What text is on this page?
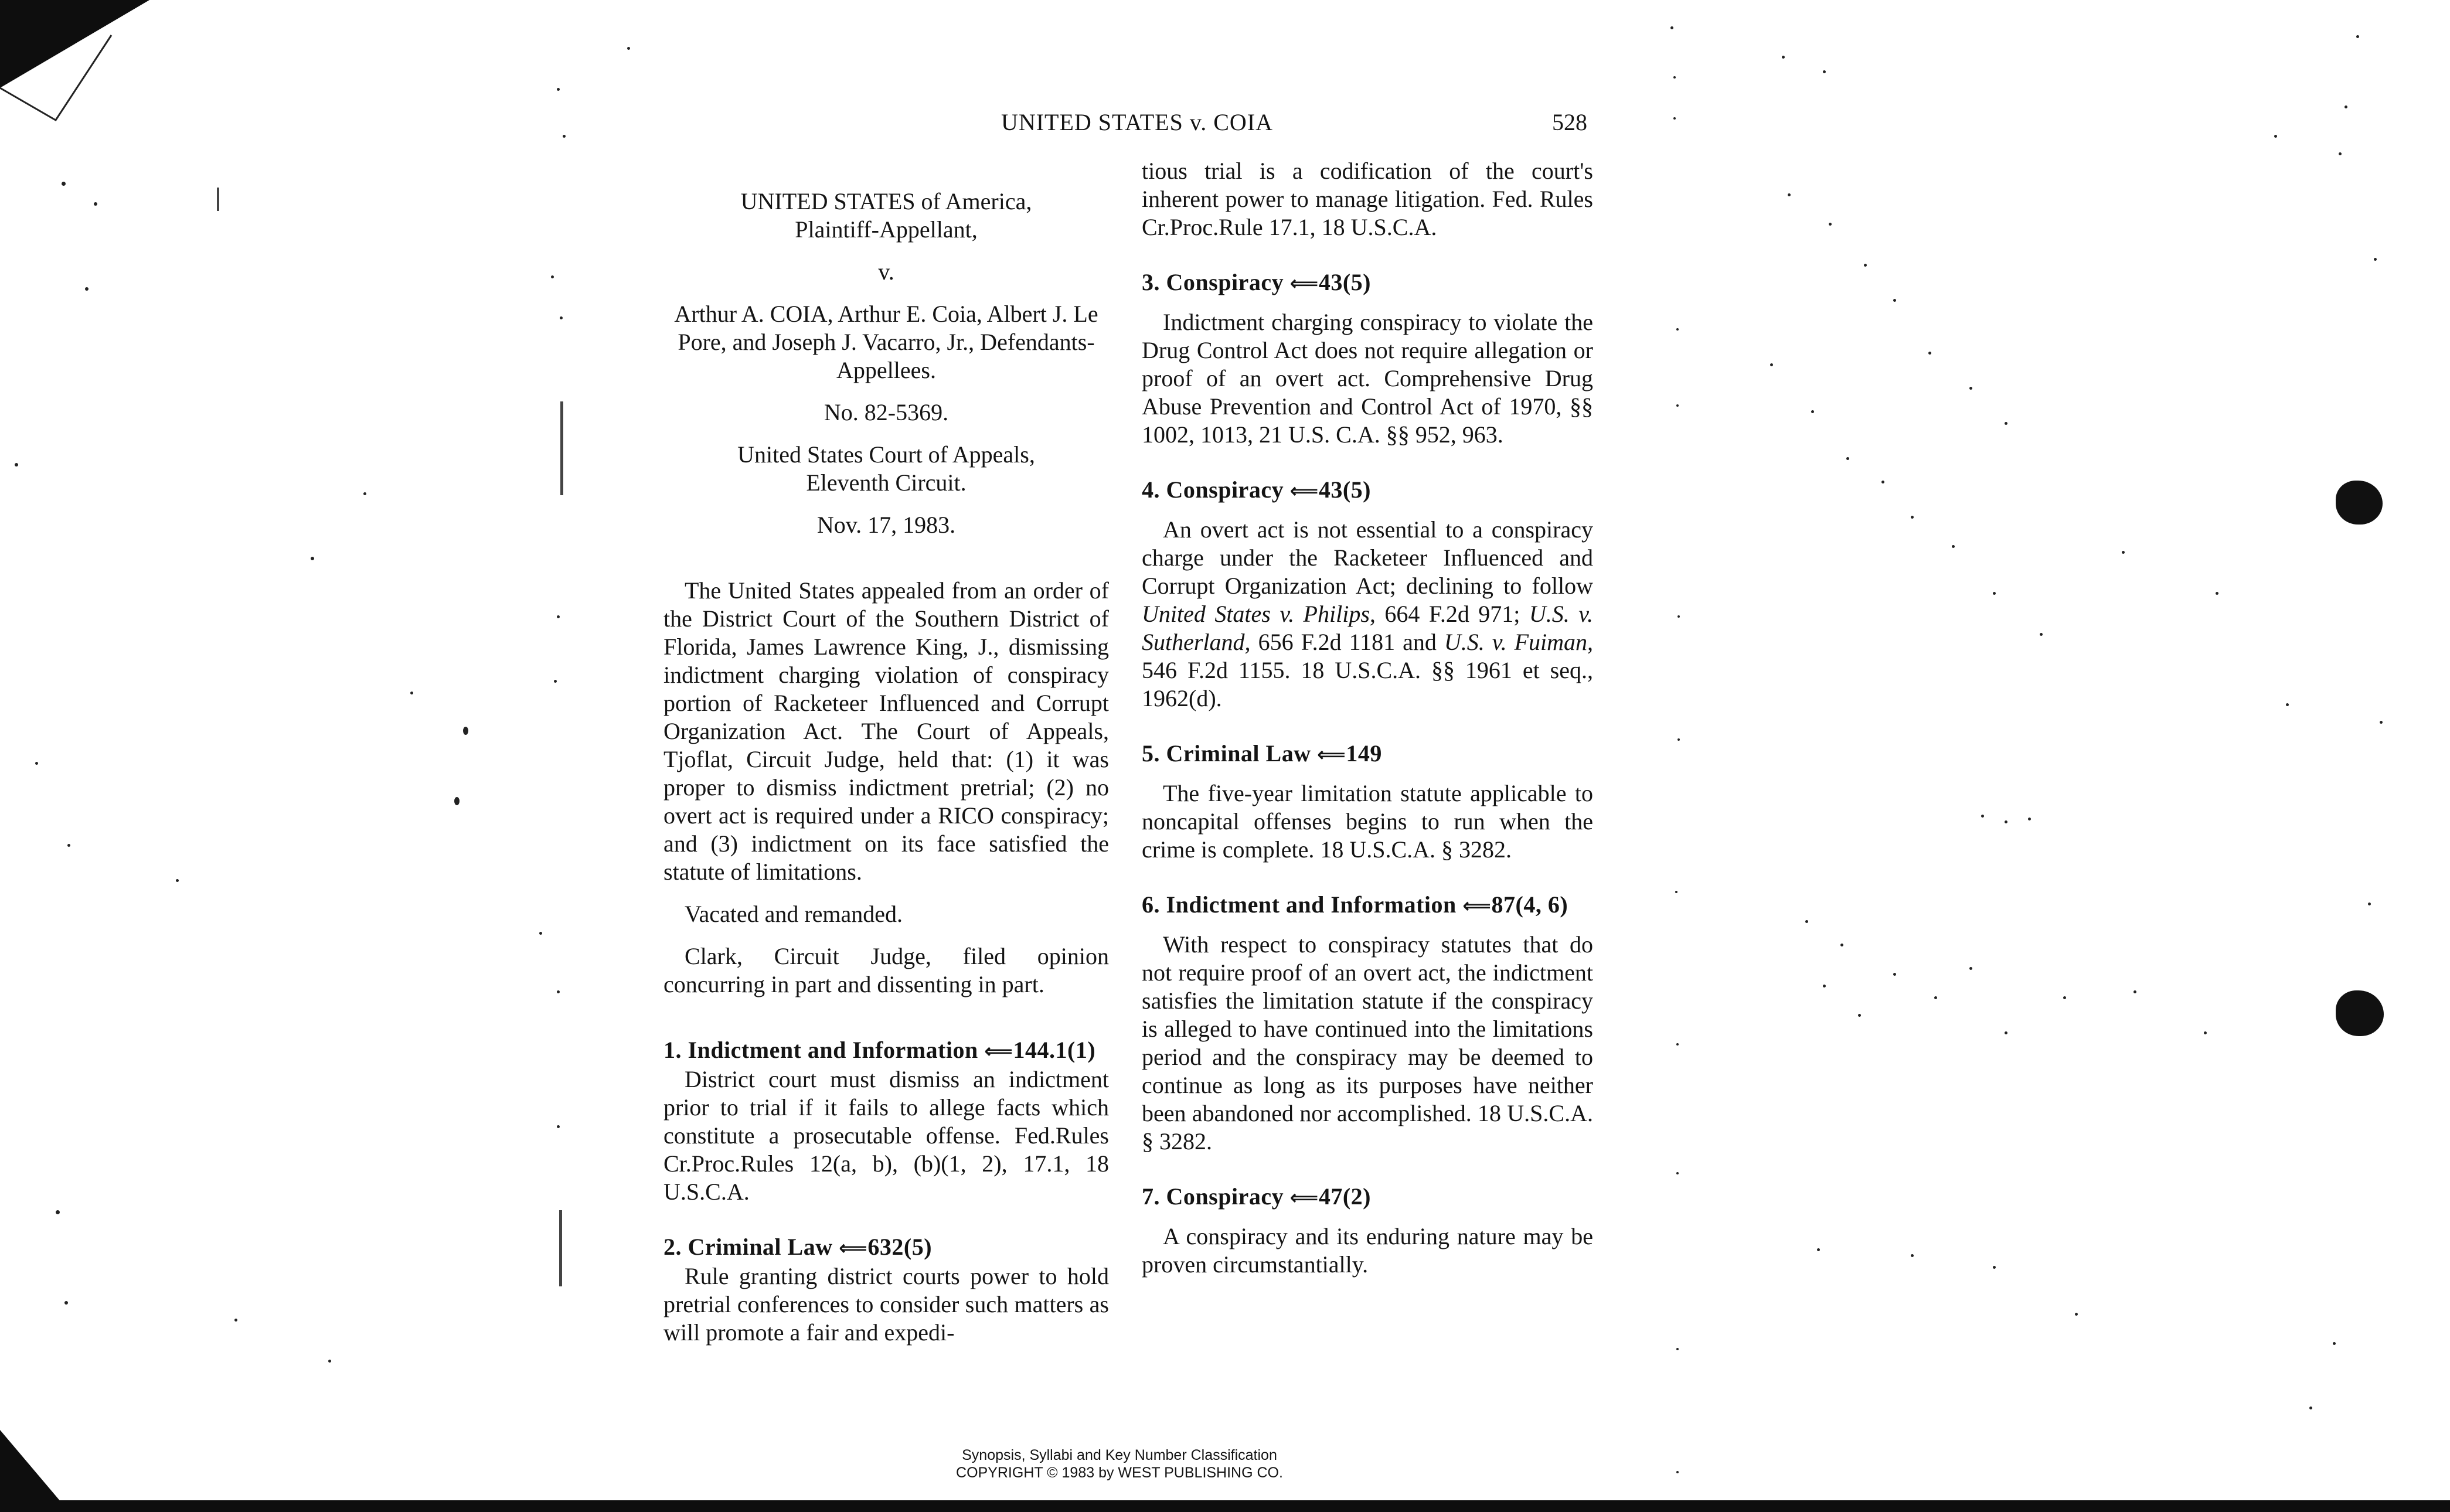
UNITED STATES v. COIA	528

UNITED STATES of America,

Plaintiff-Appellant,

v.

Arthur A. COIA, Arthur E. Coia, Albert J. Le Pore, and Joseph J. Vacarro, Jr., Defendants-Appellees.

No. 82-5369.

United States Court of Appeals, Eleventh Circuit.

Nov. 17, 1983.

The United States appealed from an order of the District Court of the Southern District of Florida, James Lawrence King, J., dismissing indictment charging violation of conspiracy portion of Racketeer Influenced and Corrupt Organization Act. The Court of Appeals, Tjoflat, Circuit Judge, held that: (1) it was proper to dismiss indictment pretrial; (2) no overt act is required under a RICO conspiracy; and (3) indictment on its face satisfied the statute of limitations.

Vacated and remanded.

Clark, Circuit Judge, filed opinion concurring in part and dissenting in part.

1. Indictment and Information ⟸144.1(1)

District court must dismiss an indictment prior to trial if it fails to allege facts which constitute a prosecutable offense. Fed.Rules Cr.Proc.Rules 12(a, b), (b)(1, 2), 17.1, 18 U.S.C.A.

2. Criminal Law ⟸632(5)

Rule granting district courts power to hold pretrial conferences to consider such matters as will promote a fair and expedi-

tious trial is a codification of the court's inherent power to manage litigation. Fed. Rules Cr.Proc.Rule 17.1, 18 U.S.C.A.

3. Conspiracy ⟸43(5)

Indictment charging conspiracy to violate the Drug Control Act does not require allegation or proof of an overt act. Comprehensive Drug Abuse Prevention and Control Act of 1970, §§ 1002, 1013, 21 U.S. C.A. §§ 952, 963.

4. Conspiracy ⟸43(5)

An overt act is not essential to a conspiracy charge under the Racketeer Influenced and Corrupt Organization Act; declining to follow United States v. Philips, 664 F.2d 971; U.S. v. Sutherland, 656 F.2d 1181 and U.S. v. Fuiman, 546 F.2d 1155. 18 U.S.C.A. §§ 1961 et seq., 1962(d).

5. Criminal Law ⟸149

The five-year limitation statute applicable to noncapital offenses begins to run when the crime is complete. 18 U.S.C.A. § 3282.

6. Indictment and Information ⟸87(4, 6)

With respect to conspiracy statutes that do not require proof of an overt act, the indictment satisfies the limitation statute if the conspiracy is alleged to have continued into the limitations period and the conspiracy may be deemed to continue as long as its purposes have neither been abandoned nor accomplished. 18 U.S.C.A. § 3282.

7. Conspiracy ⟸47(2)

A conspiracy and its enduring nature may be proven circumstantially.

Synopsis, Syllabi and Key Number Classification
COPYRIGHT © 1983 by WEST PUBLISHING CO.
